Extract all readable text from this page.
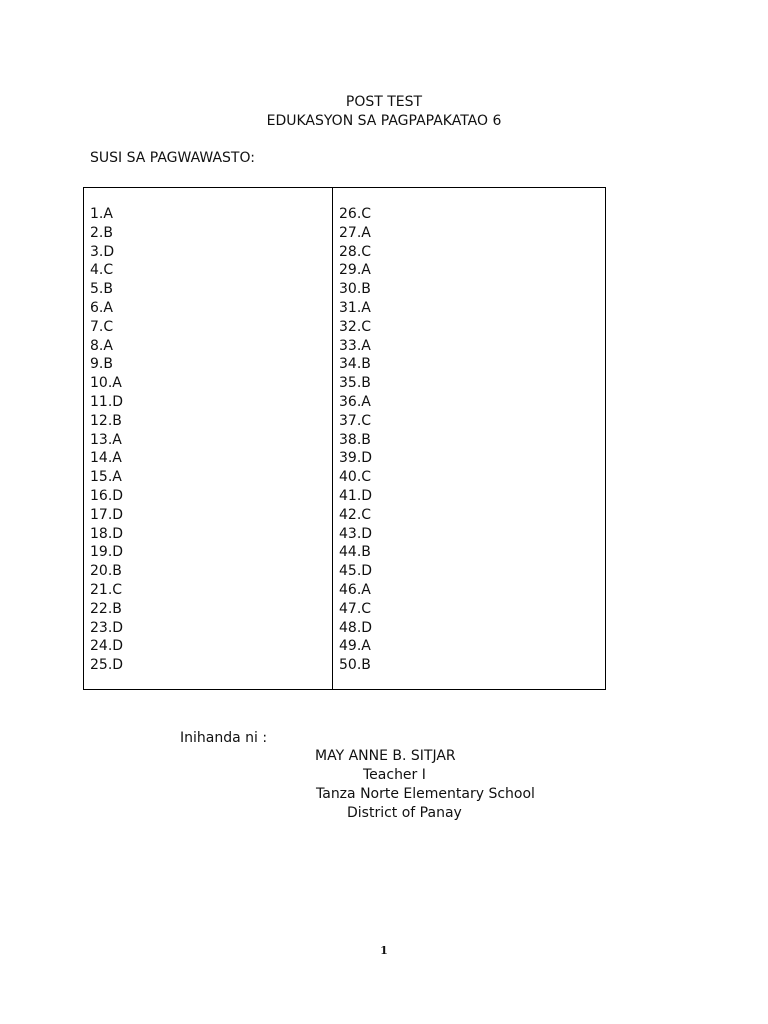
POST TEST
EDUKASYON SA PAGPAPAKATAO 6
SUSI SA PAGWAWASTO:
1.A
2.B
3.D
4.C
5.B
6.A
7.C
8.A
9.B
10.A
11.D
12.B
13.A
14.A
15.A
16.D
17.D
18.D
19.D
20.B
21.C
22.B
23.D
24.D
25.D
26.C
27.A
28.C
29.A
30.B
31.A
32.C
33.A
34.B
35.B
36.A
37.C
38.B
39.D
40.C
41.D
42.C
43.D
44.B
45.D
46.A
47.C
48.D
49.A
50.B
Inihanda ni :
MAY ANNE B. SITJAR
Teacher I
Tanza Norte Elementary School
District of Panay
1
